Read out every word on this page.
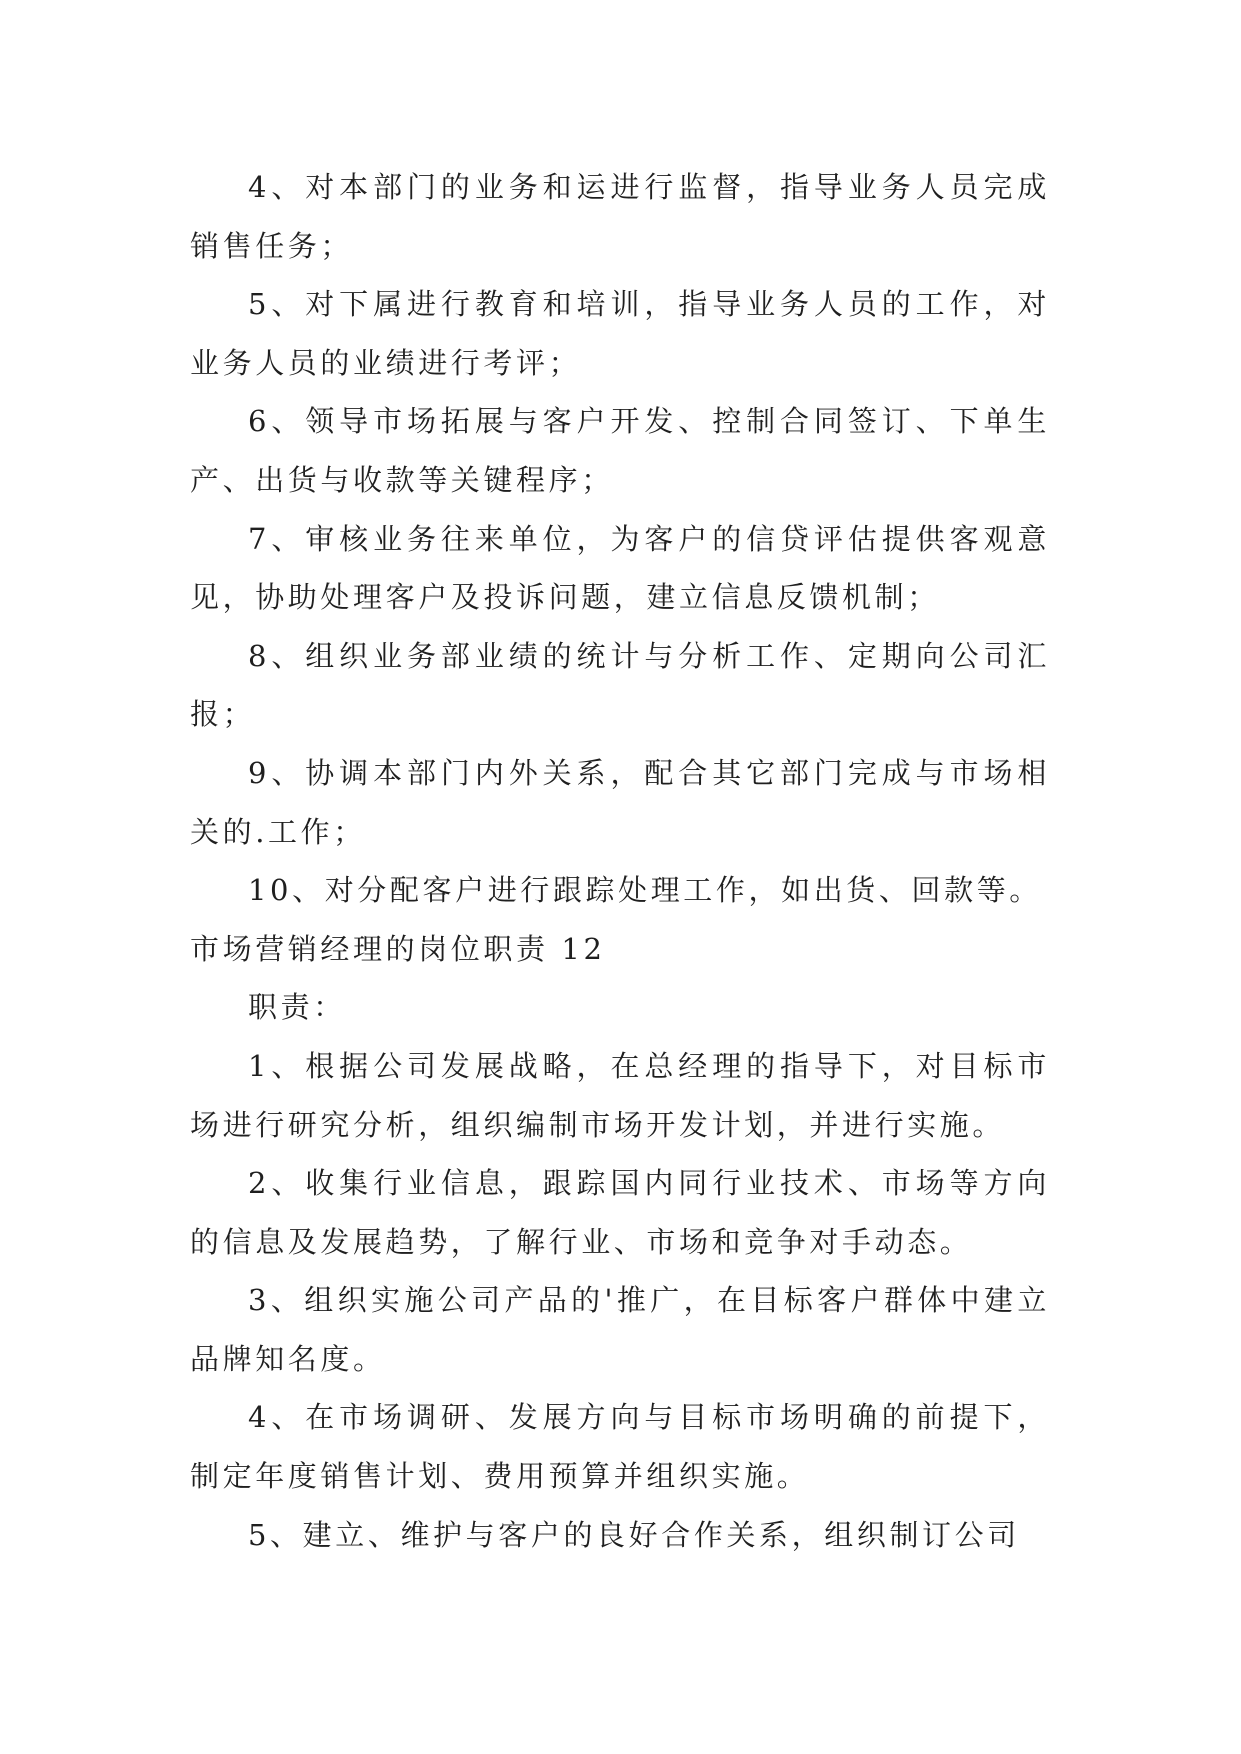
4、对本部门的业务和运进行监督，指导业务人员完成销售任务；

5、对下属进行教育和培训，指导业务人员的工作，对业务人员的业绩进行考评；

6、领导市场拓展与客户开发、控制合同签订、下单生产、出货与收款等关键程序；

7、审核业务往来单位，为客户的信贷评估提供客观意见，协助处理客户及投诉问题，建立信息反馈机制；

8、组织业务部业绩的统计与分析工作、定期向公司汇报；

9、协调本部门内外关系，配合其它部门完成与市场相关的.工作；

10、对分配客户进行跟踪处理工作，如出货、回款等。

市场营销经理的岗位职责 12

职责：

1、根据公司发展战略，在总经理的指导下，对目标市场进行研究分析，组织编制市场开发计划，并进行实施。

2、收集行业信息，跟踪国内同行业技术、市场等方向的信息及发展趋势，了解行业、市场和竞争对手动态。

3、组织实施公司产品的'推广，在目标客户群体中建立品牌知名度。

4、在市场调研、发展方向与目标市场明确的前提下，制定年度销售计划、费用预算并组织实施。

5、建立、维护与客户的良好合作关系，组织制订公司
